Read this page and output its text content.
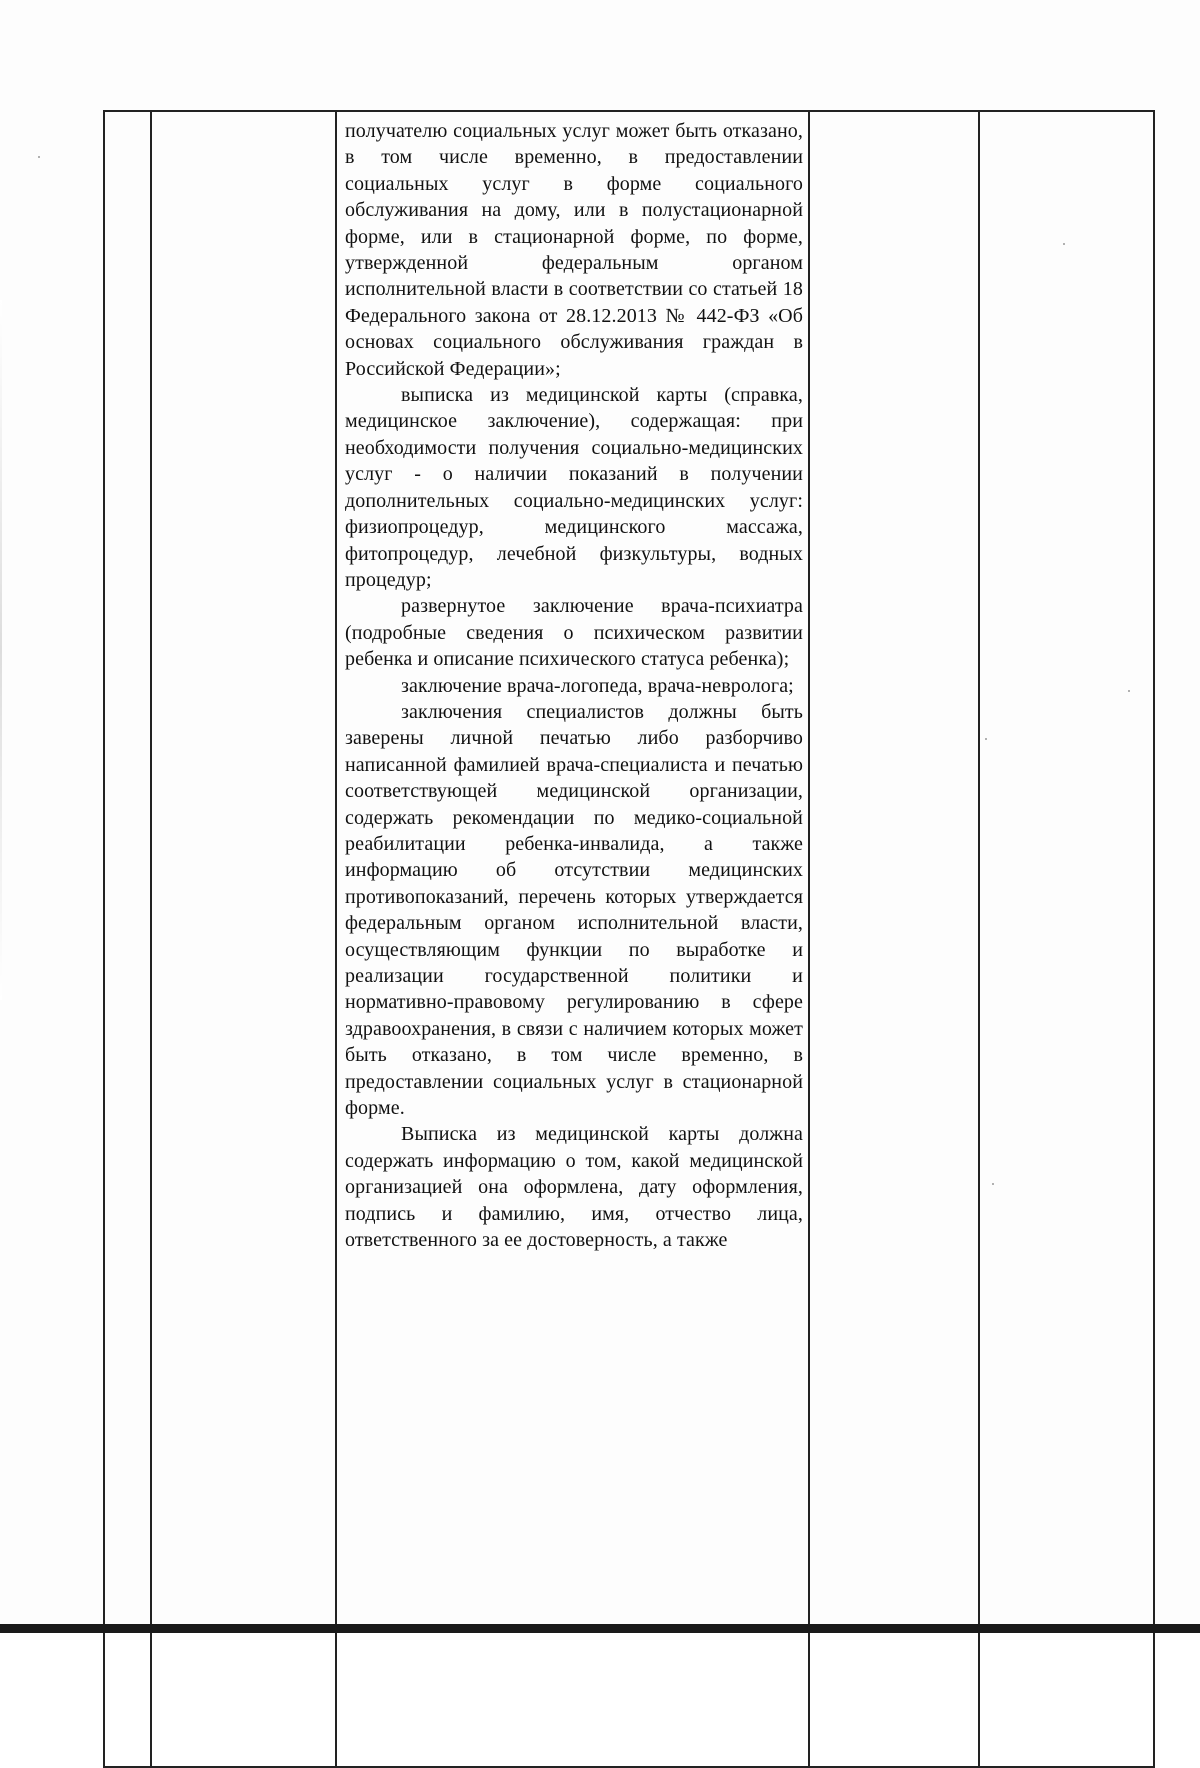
получателю социальных услуг может быть отказано, в том числе временно, в предоставлении социальных услуг в форме социального обслуживания на дому, или в полустационарной форме, или в стационарной форме, по форме, утвержденной федеральным органом исполнительной власти в соответствии со статьей 18 Федерального закона от 28.12.2013 № 442-ФЗ «Об основах социального обслуживания граждан в Российской Федерации»;

выписка из медицинской карты (справка, медицинское заключение), содержащая: при необходимости получения социально-медицинских услуг - о наличии показаний в получении дополнительных социально-медицинских услуг: физиопроцедур, медицинского массажа, фитопроцедур, лечебной физкультуры, водных процедур;

развернутое заключение врача-психиатра (подробные сведения о психическом развитии ребенка и описание психического статуса ребенка);

заключение врача-логопеда, врача-невролога;

заключения специалистов должны быть заверены личной печатью либо разборчиво написанной фамилией врача-специалиста и печатью соответствующей медицинской организации, содержать рекомендации по медико-социальной реабилитации ребенка-инвалида, а также информацию об отсутствии медицинских противопоказаний, перечень которых утверждается федеральным органом исполнительной власти, осуществляющим функции по выработке и реализации государственной политики и нормативно-правовому регулированию в сфере здравоохранения, в связи с наличием которых может быть отказано, в том числе временно, в предоставлении социальных услуг в стационарной форме.

Выписка из медицинской карты должна содержать информацию о том, какой медицинской организацией она оформлена, дату оформления, подпись и фамилию, имя, отчество лица, ответственного за ее достоверность, а также
